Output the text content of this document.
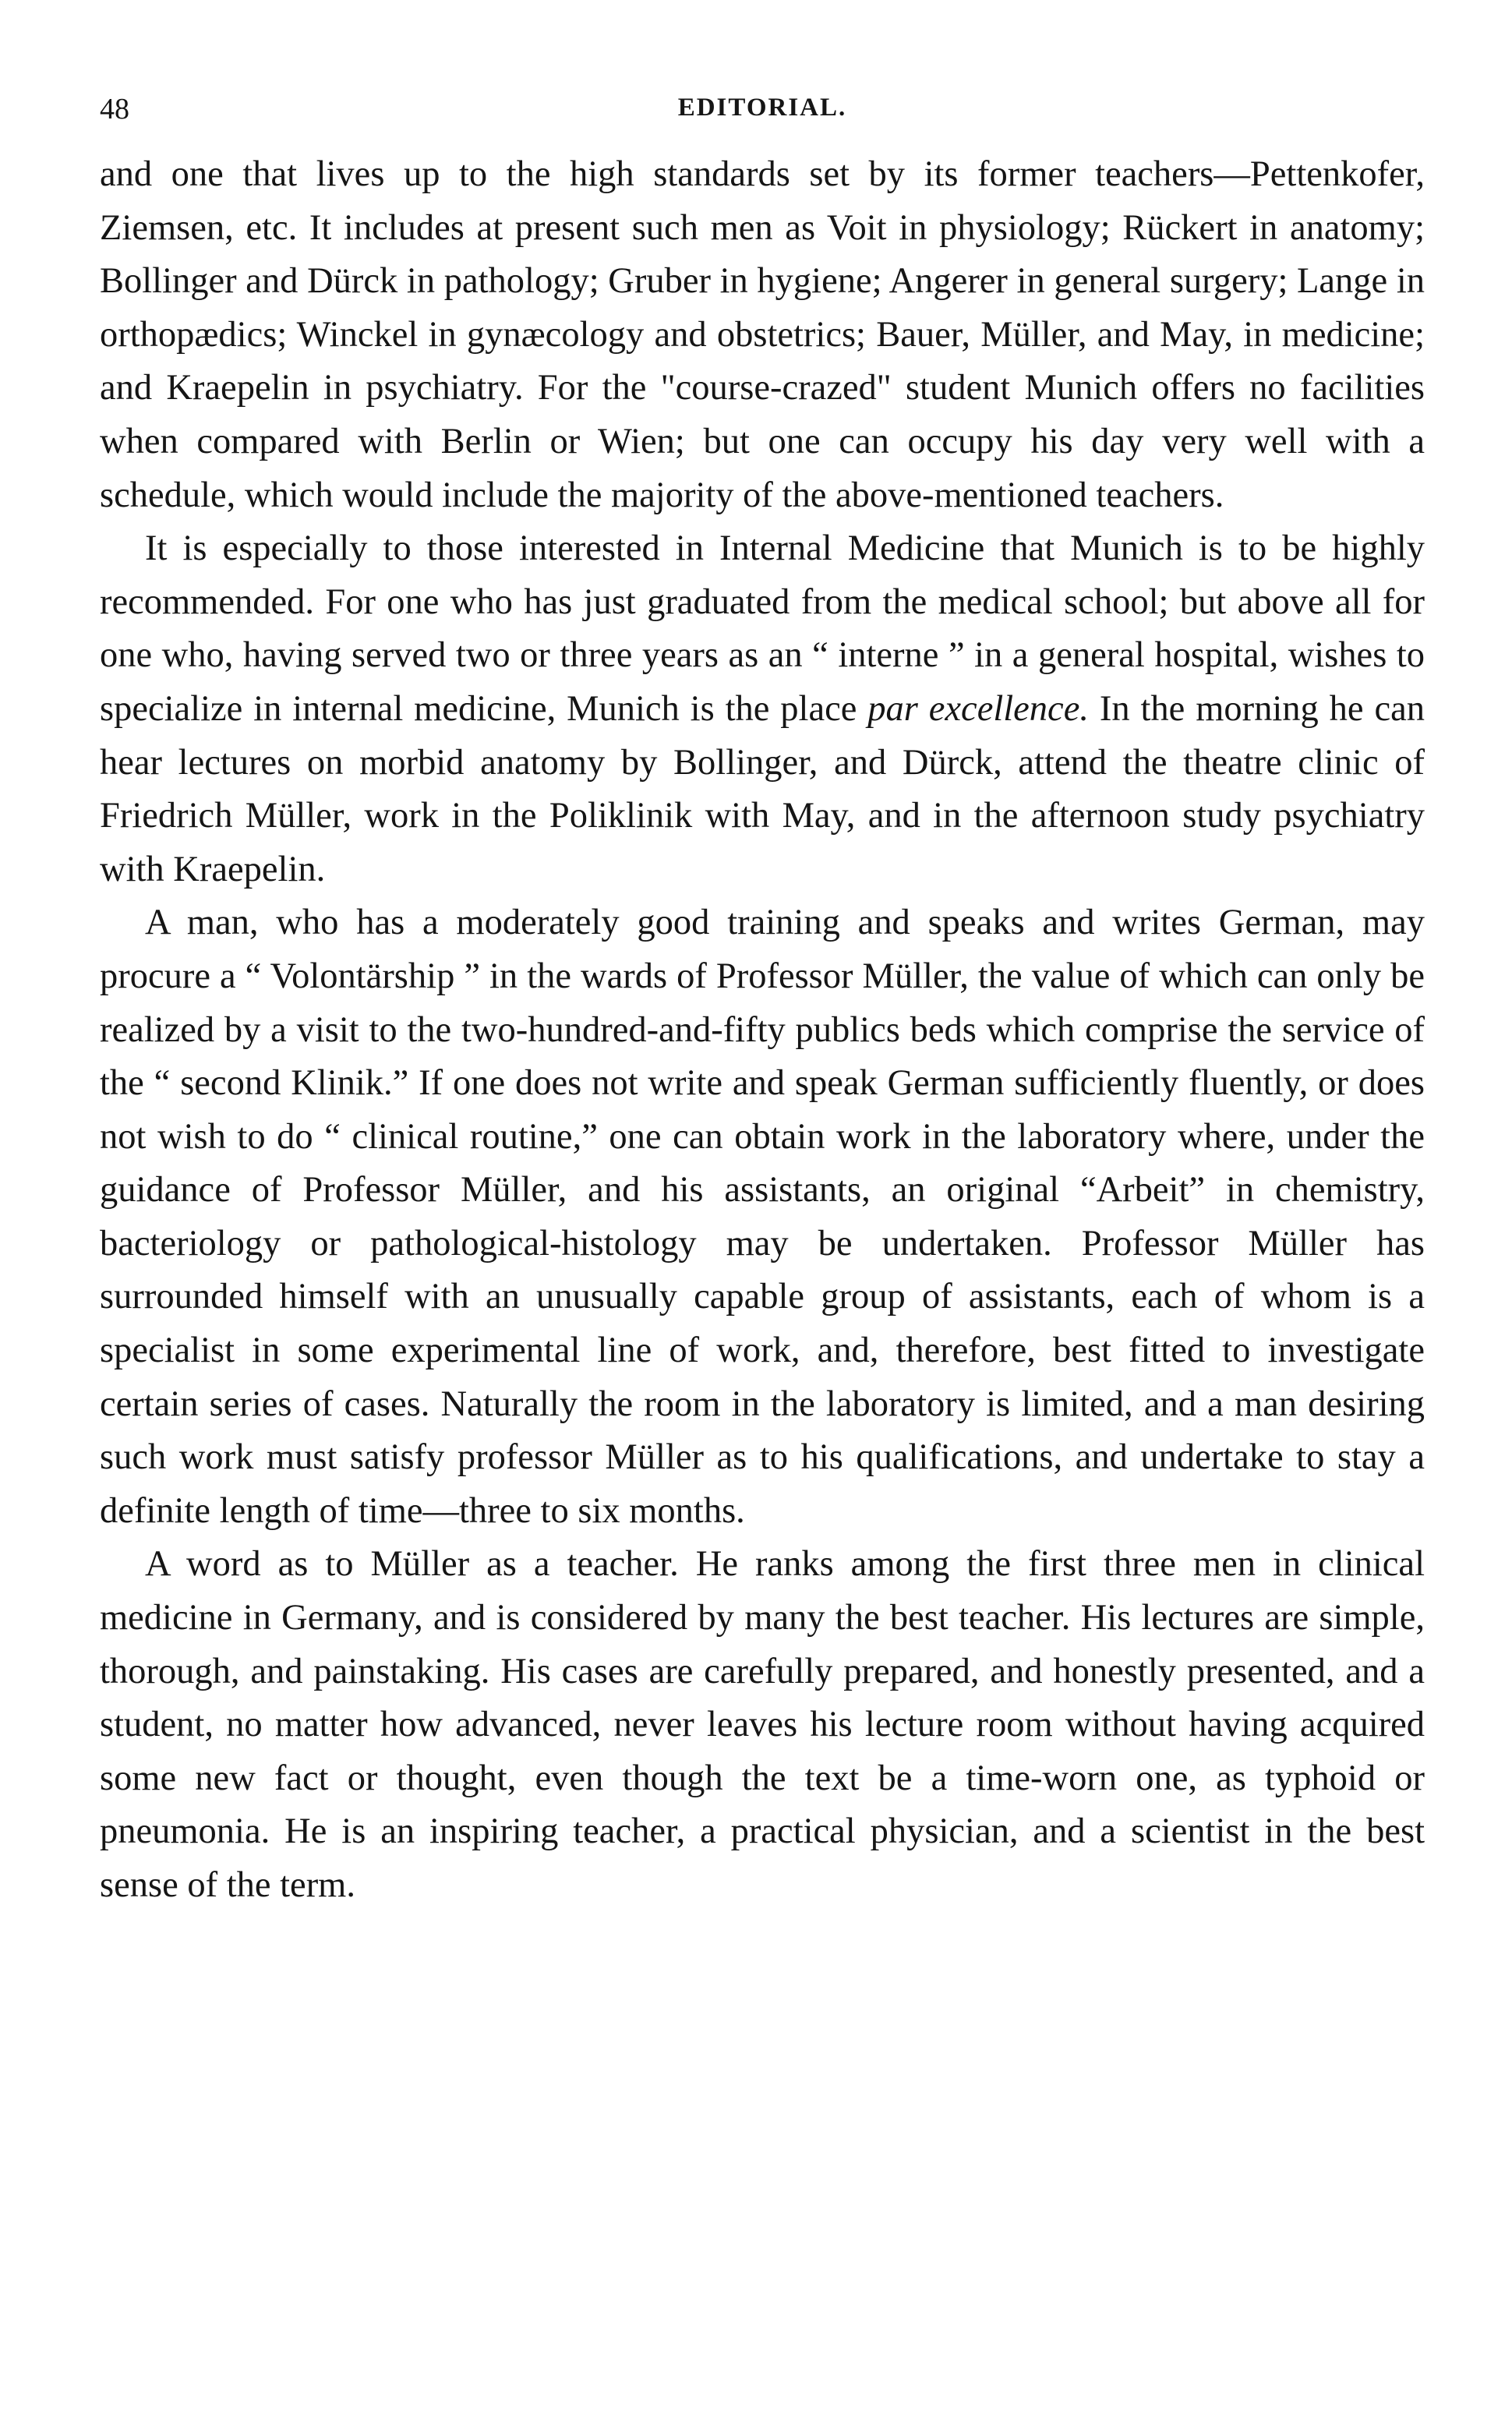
48	EDITORIAL.

and one that lives up to the high standards set by its former teachers—Pettenkofer, Ziemsen, etc. It includes at present such men as Voit in physiology; Rückert in anatomy; Bollinger and Dürck in pathology; Gruber in hygiene; Angerer in general surgery; Lange in orthopædics; Winckel in gynæcology and obstetrics; Bauer, Müller, and May, in medicine; and Kraepelin in psychiatry. For the "course-crazed" student Munich offers no facilities when compared with Berlin or Wien; but one can occupy his day very well with a schedule, which would include the majority of the above-mentioned teachers.

It is especially to those interested in Internal Medicine that Munich is to be highly recommended. For one who has just graduated from the medical school; but above all for one who, having served two or three years as an “ interne ” in a general hospital, wishes to specialize in internal medicine, Munich is the place par excellence. In the morning he can hear lectures on morbid anatomy by Bollinger, and Dürck, attend the theatre clinic of Friedrich Müller, work in the Poliklinik with May, and in the afternoon study psychiatry with Kraepelin.

A man, who has a moderately good training and speaks and writes German, may procure a “ Volontärship ” in the wards of Professor Müller, the value of which can only be realized by a visit to the two-hundred-and-fifty publics beds which comprise the service of the “ second Klinik.” If one does not write and speak German sufficiently fluently, or does not wish to do “ clinical routine,” one can obtain work in the laboratory where, under the guidance of Professor Müller, and his assistants, an original “Arbeit” in chemistry, bacteriology or pathological-histology may be undertaken. Professor Müller has surrounded himself with an unusually capable group of assistants, each of whom is a specialist in some experimental line of work, and, therefore, best fitted to investigate certain series of cases. Naturally the room in the laboratory is limited, and a man desiring such work must satisfy professor Müller as to his qualifications, and undertake to stay a definite length of time—three to six months.

A word as to Müller as a teacher. He ranks among the first three men in clinical medicine in Germany, and is considered by many the best teacher. His lectures are simple, thorough, and painstaking. His cases are carefully prepared, and honestly presented, and a student, no matter how advanced, never leaves his lecture room without having acquired some new fact or thought, even though the text be a time-worn one, as typhoid or pneumonia. He is an inspiring teacher, a practical physician, and a scientist in the best sense of the term.
